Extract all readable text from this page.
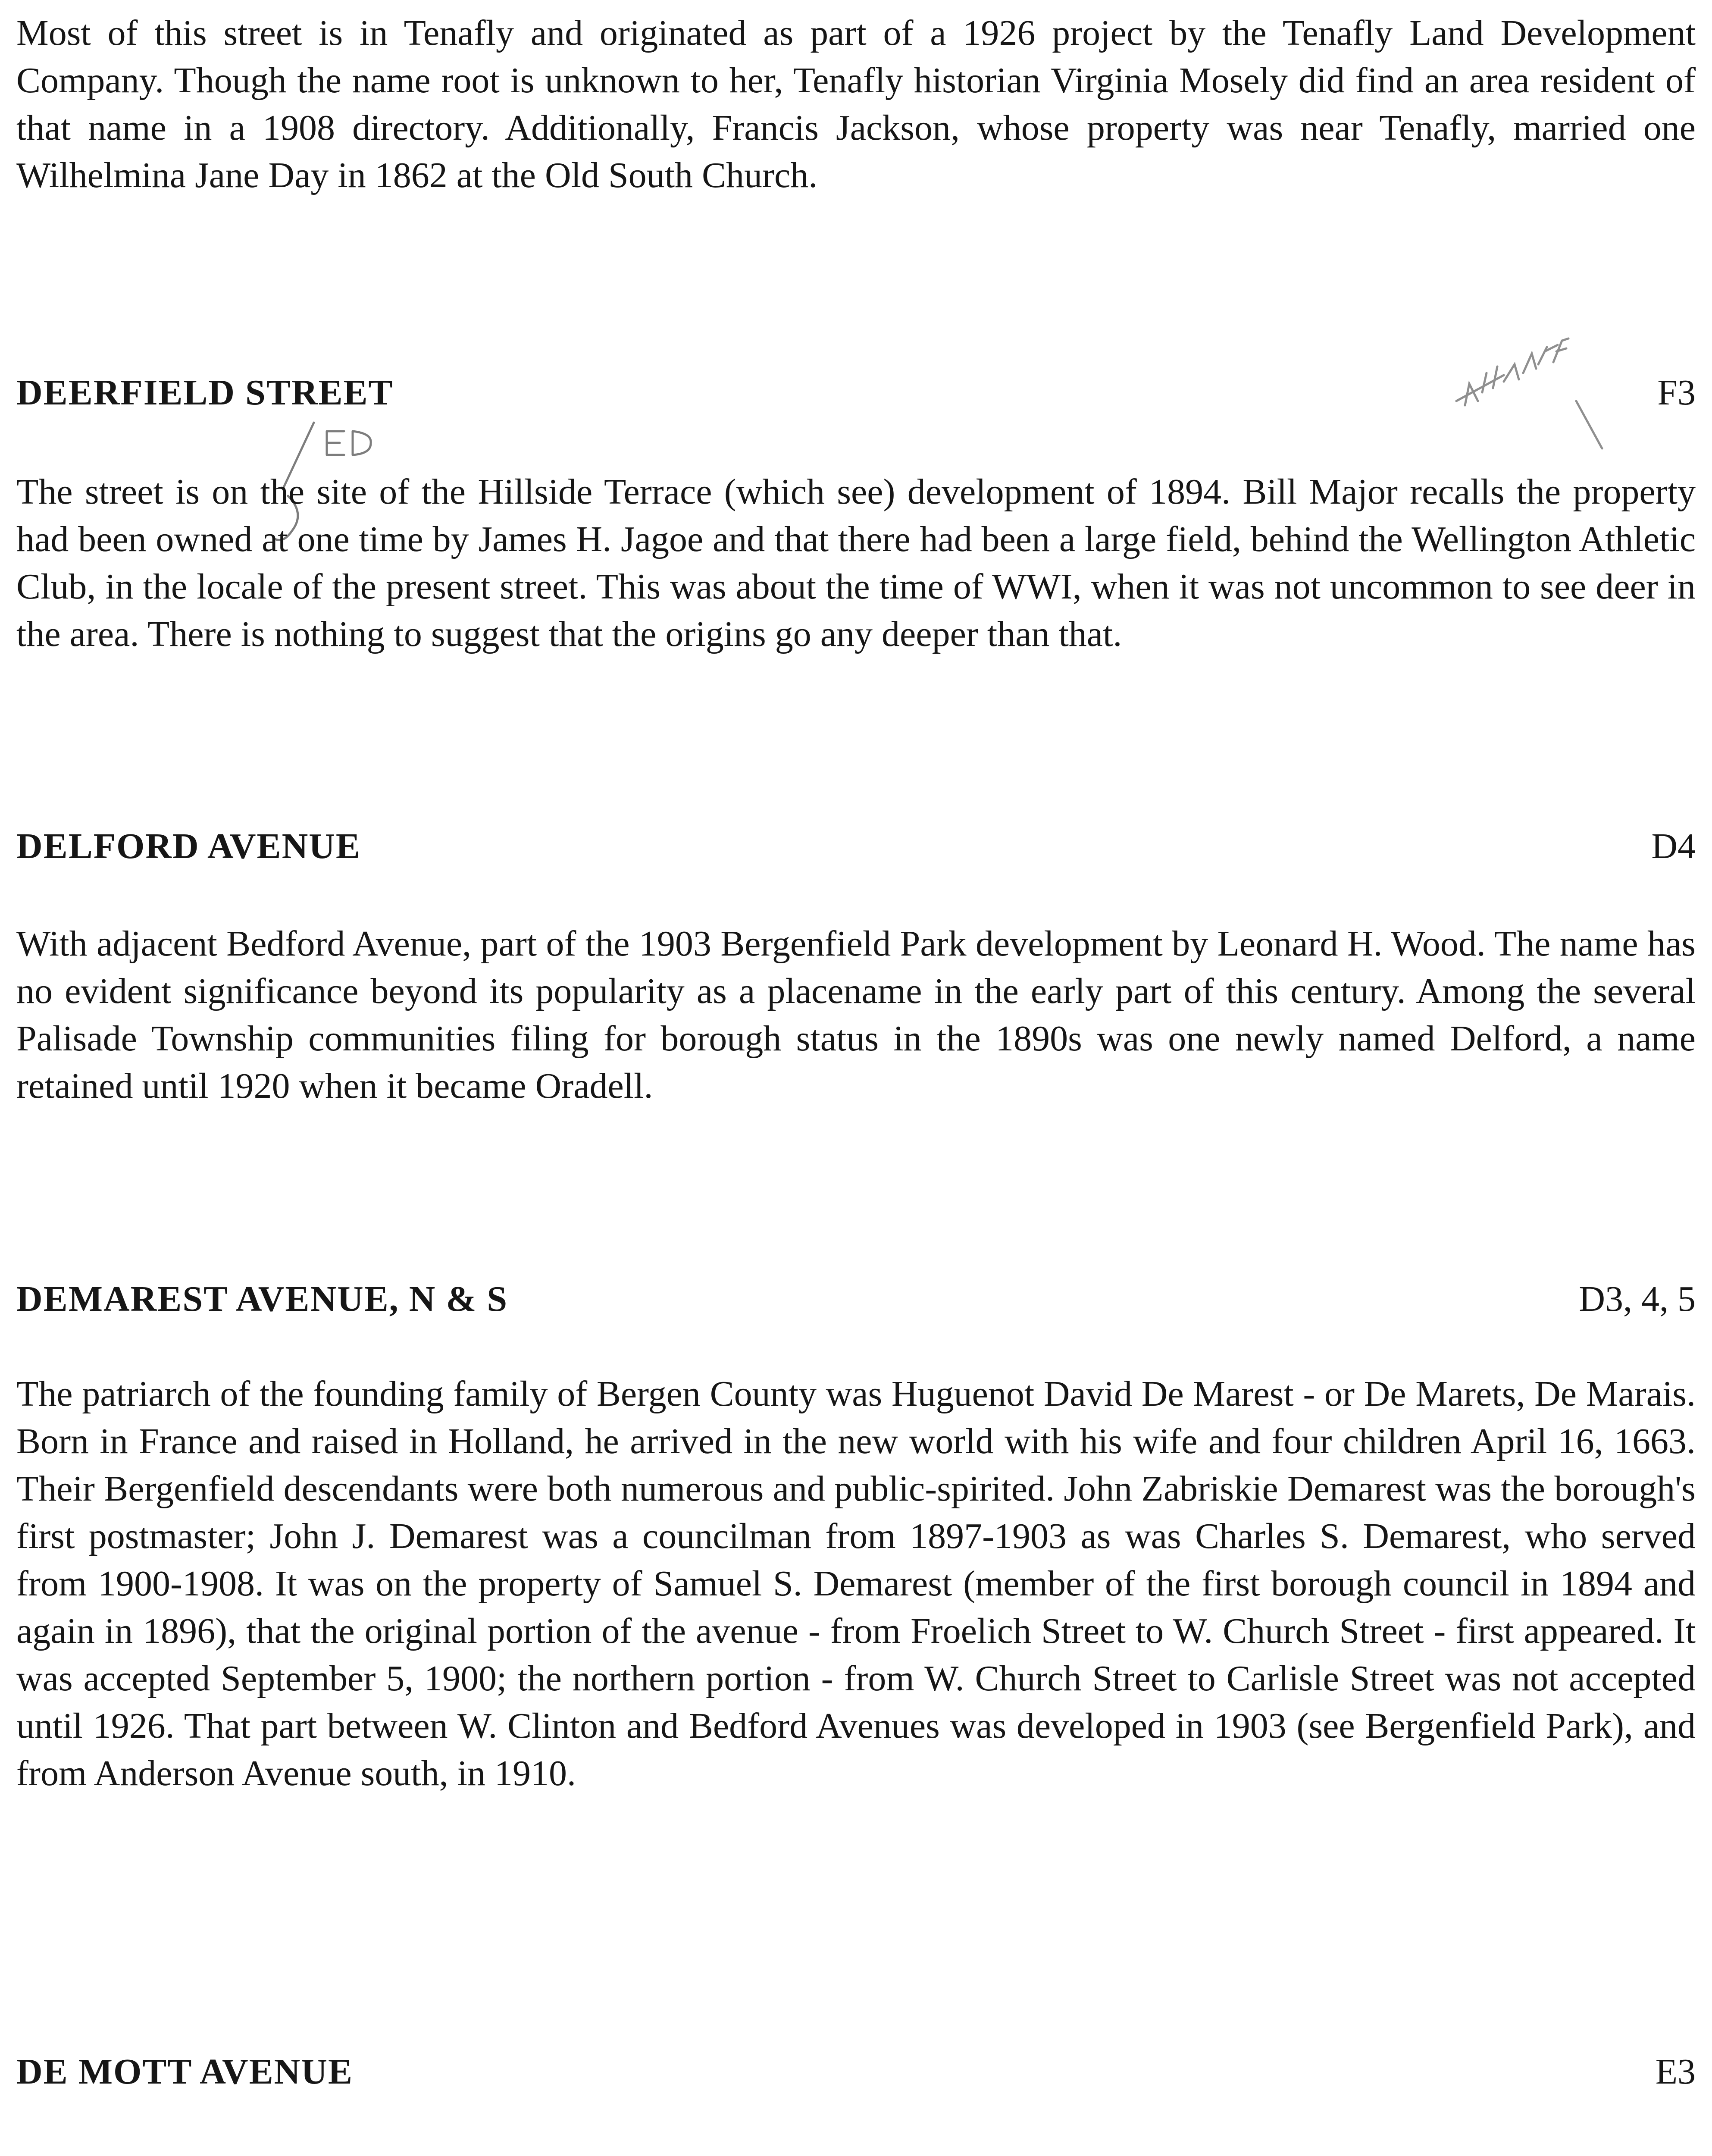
Most of this street is in Tenafly and originated as part of a 1926 project by the Tenafly Land Development Company. Though the name root is unknown to her, Tenafly historian Virginia Mosely did find an area resident of that name in a 1908 directory. Additionally, Francis Jackson, whose property was near Tenafly, married one Wilhelmina Jane Day in 1862 at the Old South Church.

DEERFIELD STREET	F3

The street is on the site of the Hillside Terrace (which see) development of 1894. Bill Major recalls the property had been owned at one time by James H. Jagoe and that there had been a large field, behind the Wellington Athletic Club, in the locale of the present street. This was about the time of WWI, when it was not uncommon to see deer in the area. There is nothing to suggest that the origins go any deeper than that.

DELFORD AVENUE	D4

With adjacent Bedford Avenue, part of the 1903 Bergenfield Park development by Leonard H. Wood. The name has no evident significance beyond its popularity as a placename in the early part of this century. Among the several Palisade Township communities filing for borough status in the 1890s was one newly named Delford, a name retained until 1920 when it became Oradell.

DEMAREST AVENUE, N & S	D3, 4, 5

The patriarch of the founding family of Bergen County was Huguenot David De Marest - or De Marets, De Marais. Born in France and raised in Holland, he arrived in the new world with his wife and four children April 16, 1663. Their Bergenfield descendants were both numerous and public-spirited. John Zabriskie Demarest was the borough's first postmaster; John J. Demarest was a councilman from 1897-1903 as was Charles S. Demarest, who served from 1900-1908. It was on the property of Samuel S. Demarest (member of the first borough council in 1894 and again in 1896), that the original portion of the avenue - from Froelich Street to W. Church Street - first appeared. It was accepted September 5, 1900; the northern portion - from W. Church Street to Carlisle Street was not accepted until 1926. That part between W. Clinton and Bedford Avenues was developed in 1903 (see Bergenfield Park), and from Anderson Avenue south, in 1910.

DE MOTT AVENUE	E3
